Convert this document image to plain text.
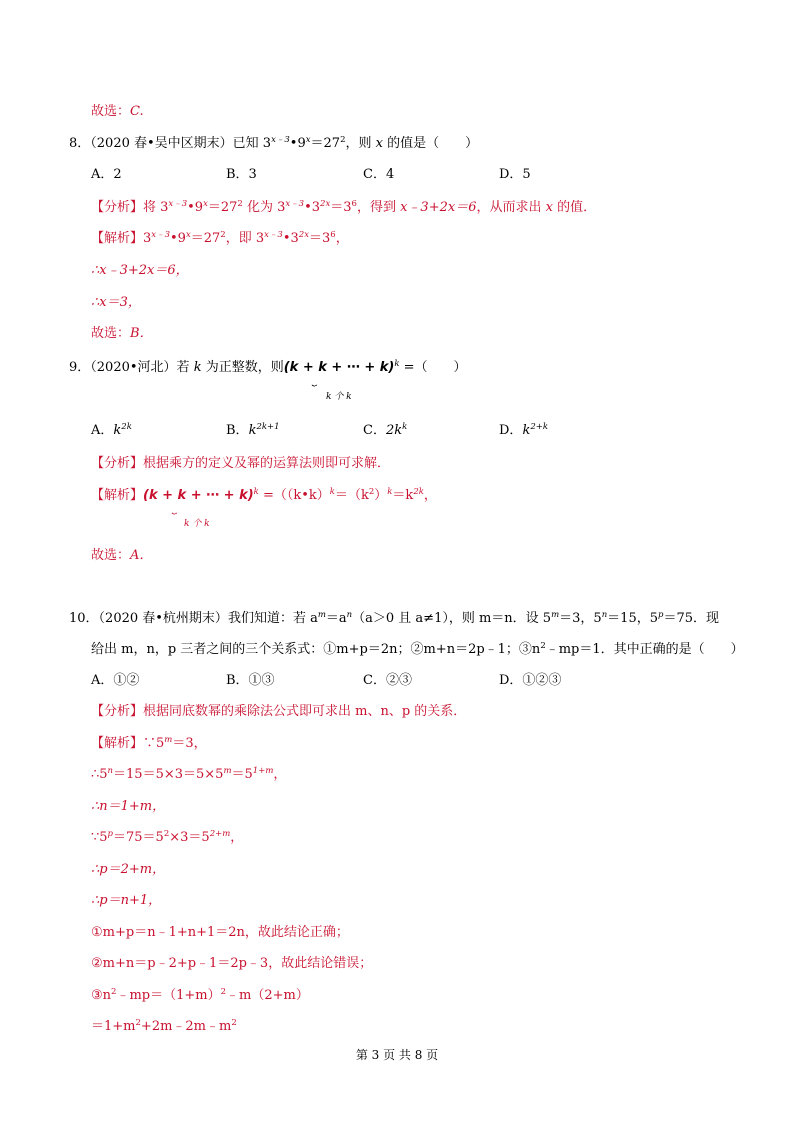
故选：C.
8．（2020 春•吴中区期末）已知 $3^{x﹣3}•9^x=27^2$，则 x 的值是（　　）
A．2	B．3	C．4	D．5
【分析】将 $3^{x﹣3}•9^x=27^2$ 化为 $3^{x﹣3}•3^{2x}=3^6$，得到 x﹣3+2x＝6，从而求出 x 的值．
【解析】$3^{x﹣3}•9^x=27^2$，即 $3^{x﹣3}•3^{2x}=3^6$，
∴x﹣3+2x＝6，
∴x＝3，
故选：B．
9．（2020•河北）若 k 为正整数，则(k + k + ⋯ + k)$^k$ =（　　）
⏟
k 个 k
A．$k^{2k}$	B．$k^{2k+1}$	C．$2k^k$	D．$k^{2+k}$
【分析】根据乘方的定义及幂的运算法则即可求解．
【解析】(k + k + ⋯ + $k)^k =((k•k)^k=(k^2)^k=k^{2k}$，
⏟
k 个 k
故选：A．
10．（2020 春•杭州期末）我们知道：若 $a^m=a^n(a>0$ 且 a≠1），则 m＝n．设 $5^m=3$，$5^n=15$，$5^p=75$．现
给出 m，n，p 三者之间的三个关系式：①m+p＝2n；②m+n＝2p﹣1；$③n^2﹣mp=1$．其中正确的是（　　）
A．①②	B．①③	C．②③	D．①②③
【分析】根据同底数幂的乘除法公式即可求出 m、n、p 的关系．
【解析】$\because 5^m=3$，
$\therefore 5^n=15=5\times 3=5\times 5^m=5^{1+m}$，
∴n＝1+m，
$\because 5^p=75=5^2\times 3=5^{2+m}$，
∴p＝2+m，
∴p＝n+1，
①m+p＝n﹣1+n+1＝2n，故此结论正确；
②m+n＝p﹣2+p﹣1＝2p﹣3，故此结论错误；
$③n^2﹣mp=(1+m)^2﹣m(2+m)$
$=1+m^2+2m﹣2m﹣m^2$
第 3 页 共 8 页
